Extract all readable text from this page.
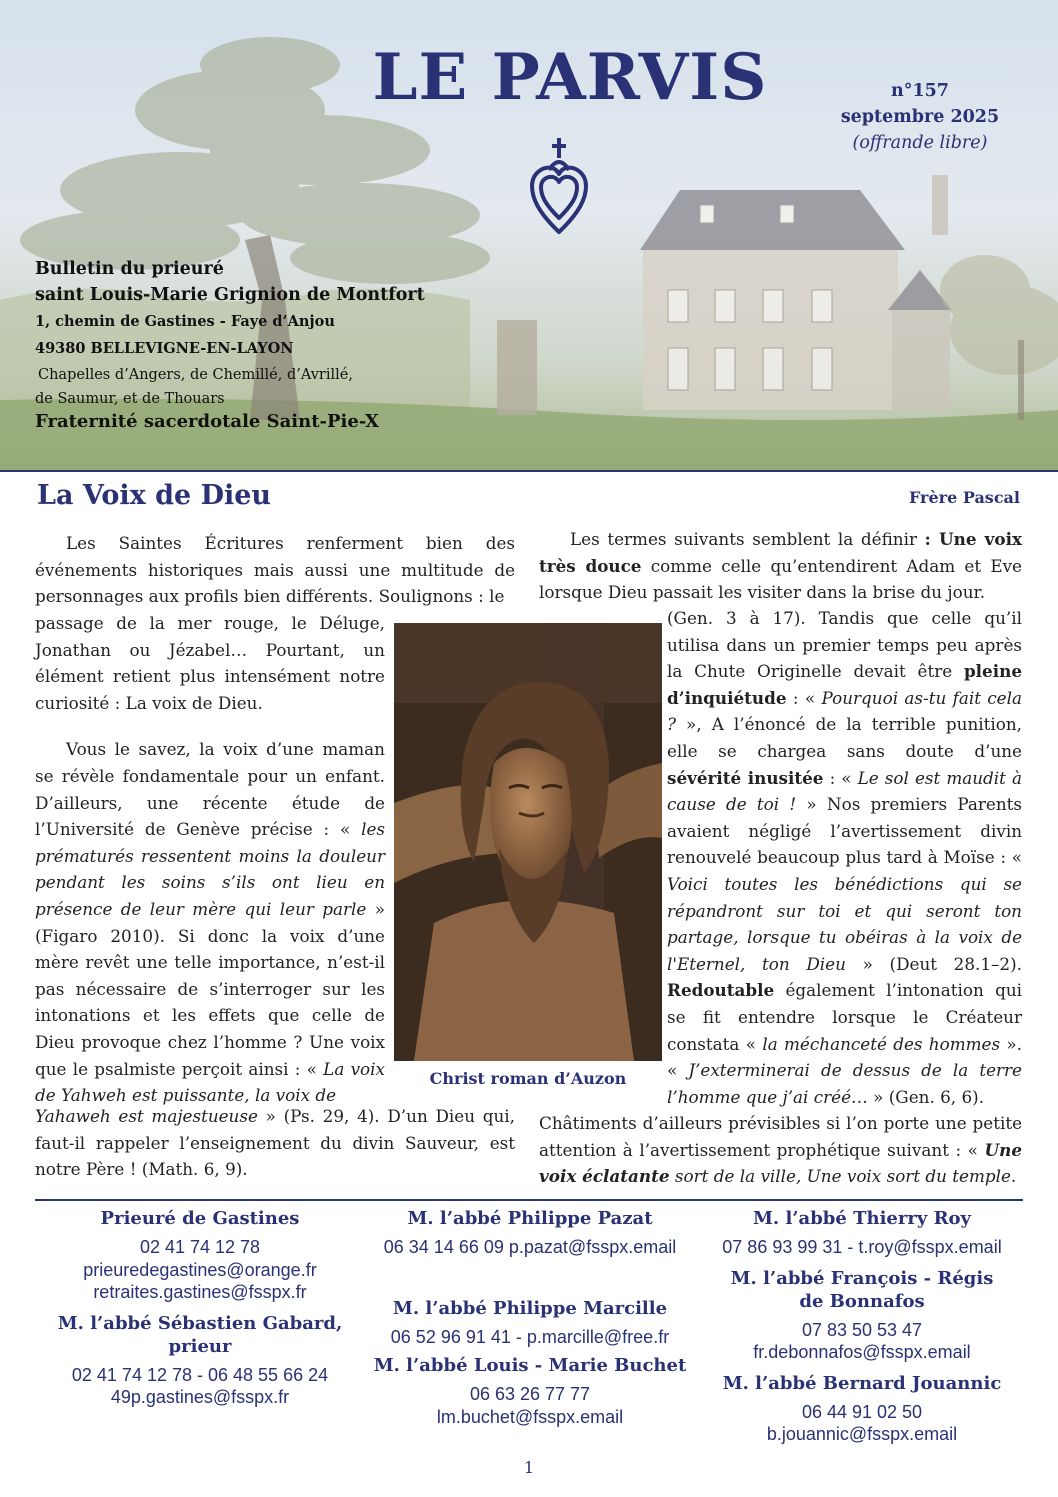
LE PARVIS	n°157
septembre 2025
(offrande libre)
Bulletin du prieuré
saint Louis-Marie Grignion de Montfort
1, chemin de Gastines - Faye d’Anjou
49380 BELLEVIGNE-EN-LAYON
Chapelles d’Angers, de Chemillé, d’Avrillé,
de Saumur, et de Thouars
Fraternité sacerdotale Saint-Pie-X
La Voix de Dieu	Frère Pascal

Les Saintes Écritures renferment bien des événements historiques mais aussi une multitude de personnages aux profils bien différents. Soulignons : le

passage de la mer rouge, le Déluge, Jonathan ou Jézabel… Pourtant, un élément retient plus intensément notre curiosité : La voix de Dieu.

Vous le savez, la voix d’une maman se révèle fondamentale pour un enfant. D’ailleurs, une récente étude de l’Université de Genève précise : « les prématurés ressentent moins la douleur pendant les soins s’ils ont lieu en présence de leur mère qui leur parle » (Figaro 2010). Si donc la voix d’une mère revêt une telle importance, n’est-il pas nécessaire de s’interroger sur les intonations et les effets que celle de Dieu provoque chez l’homme ? Une voix que le psalmiste perçoit ainsi : « La voix de Yahweh est puissante, la voix de

Yahaweh est majestueuse » (Ps. 29, 4). D’un Dieu qui, faut-il rappeler l’enseignement du divin Sauveur, est notre Père ! (Math. 6, 9).

Les termes suivants semblent la définir : Une voix très douce comme celle qu’entendirent Adam et Eve lorsque Dieu passait les visiter dans la brise du jour.

(Gen. 3 à 17). Tandis que celle qu’il utilisa dans un premier temps peu après la Chute Originelle devait être pleine d’inquiétude : « Pourquoi as-tu fait cela ? », A l’énoncé de la terrible punition, elle se chargea sans doute d’une sévérité inusitée : « Le sol est maudit à cause de toi ! » Nos premiers Parents avaient négligé l’avertissement divin renouvelé beaucoup plus tard à Moïse : « Voici toutes les bénédictions qui se répandront sur toi et qui seront ton partage, lorsque tu obéiras à la voix de l'Eternel, ton Dieu » (Deut 28.1–2). Redoutable également l’intonation qui se fit entendre lorsque le Créateur constata « la méchanceté des hommes ». « J’exterminerai de dessus de la terre l’homme que j’ai créé… » (Gen. 6, 6).

Châtiments d’ailleurs prévisibles si l’on porte une petite attention à l’avertissement prophétique suivant : « Une voix éclatante sort de la ville, Une voix sort du temple.

Christ roman d’Auzon
Prieuré de Gastines
02 41 74 12 78
prieuredegastines@orange.fr
retraites.gastines@fsspx.fr
M. l’abbé Sébastien Gabard,
prieur
02 41 74 12 78 - 06 48 55 66 24
49p.gastines@fsspx.fr
M. l’abbé Philippe Pazat
06 34 14 66 09 p.pazat@fsspx.email
M. l’abbé Philippe Marcille
06 52 96 91 41 - p.marcille@free.fr
M. l’abbé Louis - Marie Buchet
06 63 26 77 77
lm.buchet@fsspx.email
M. l’abbé Thierry Roy
07 86 93 99 31 - t.roy@fsspx.email
M. l’abbé François - Régis
de Bonnafos
07 83 50 53 47
fr.debonnafos@fsspx.email
M. l’abbé Bernard Jouannic
06 44 91 02 50
b.jouannic@fsspx.email
1
